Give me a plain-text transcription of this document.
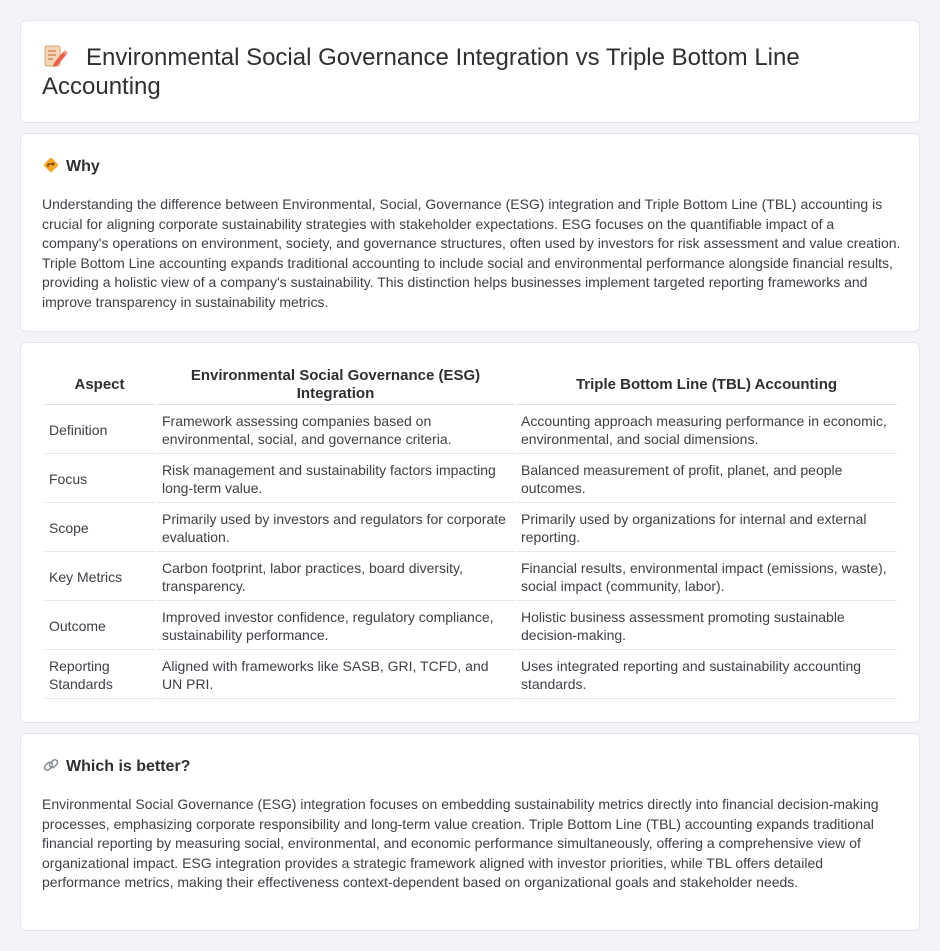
Environmental Social Governance Integration vs Triple Bottom Line Accounting
Why

Understanding the difference between Environmental, Social, Governance (ESG) integration and Triple Bottom Line (TBL) accounting is crucial for aligning corporate sustainability strategies with stakeholder expectations. ESG focuses on the quantifiable impact of a company's operations on environment, society, and governance structures, often used by investors for risk assessment and value creation. Triple Bottom Line accounting expands traditional accounting to include social and environmental performance alongside financial results, providing a holistic view of a company's sustainability. This distinction helps businesses implement targeted reporting frameworks and improve transparency in sustainability metrics.

Aspect	Environmental Social Governance (ESG) Integration	Triple Bottom Line (TBL) Accounting
Definition	Framework assessing companies based on environmental, social, and governance criteria.	Accounting approach measuring performance in economic, environmental, and social dimensions.
Focus	Risk management and sustainability factors impacting long-term value.	Balanced measurement of profit, planet, and people outcomes.
Scope	Primarily used by investors and regulators for corporate evaluation.	Primarily used by organizations for internal and external reporting.
Key Metrics	Carbon footprint, labor practices, board diversity, transparency.	Financial results, environmental impact (emissions, waste), social impact (community, labor).
Outcome	Improved investor confidence, regulatory compliance, sustainability performance.	Holistic business assessment promoting sustainable decision-making.
Reporting Standards	Aligned with frameworks like SASB, GRI, TCFD, and UN PRI.	Uses integrated reporting and sustainability accounting standards.
Which is better?

Environmental Social Governance (ESG) integration focuses on embedding sustainability metrics directly into financial decision-making processes, emphasizing corporate responsibility and long-term value creation. Triple Bottom Line (TBL) accounting expands traditional financial reporting by measuring social, environmental, and economic performance simultaneously, offering a comprehensive view of organizational impact. ESG integration provides a strategic framework aligned with investor priorities, while TBL offers detailed performance metrics, making their effectiveness context-dependent based on organizational goals and stakeholder needs.
